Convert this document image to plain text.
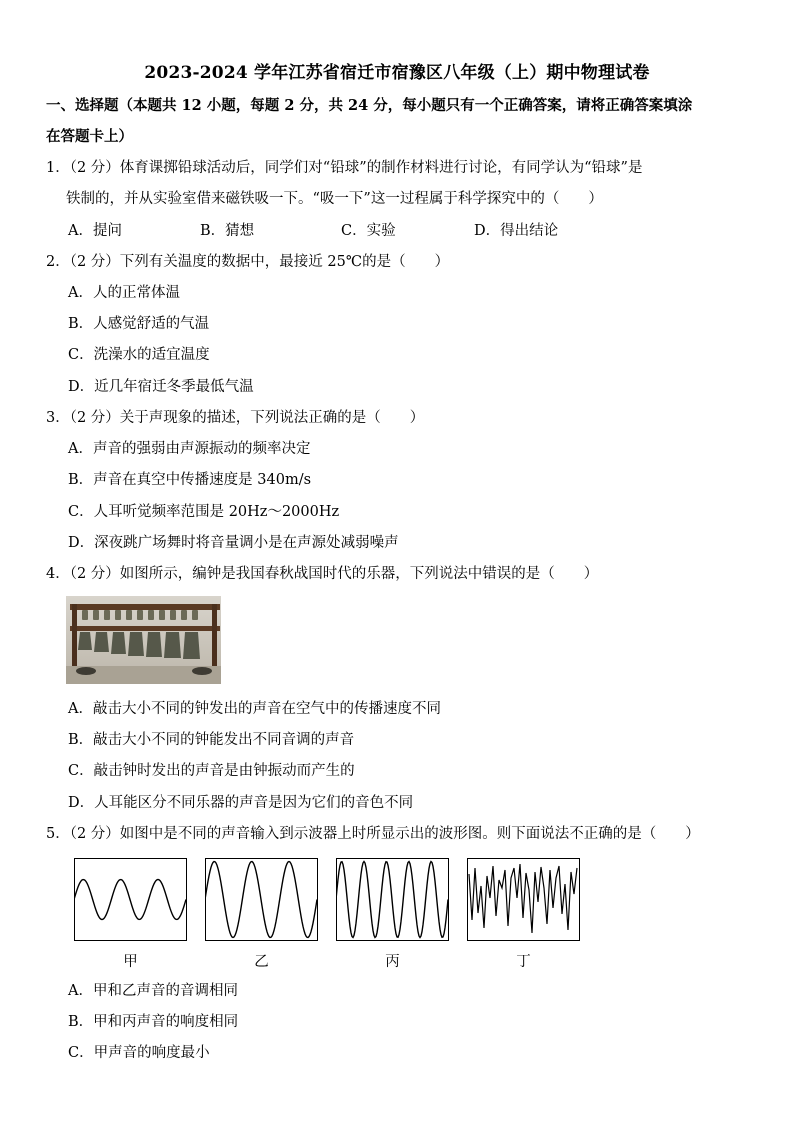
2023-2024 学年江苏省宿迁市宿豫区八年级（上）期中物理试卷
一、选择题（本题共 12 小题，每题 2 分，共 24 分，每小题只有一个正确答案，请将正确答案填涂
在答题卡上）
1．（2 分）体育课掷铅球活动后，同学们对“铅球”的制作材料进行讨论，有同学认为“铅球”是
铁制的，并从实验室借来磁铁吸一下。“吸一下”这一过程属于科学探究中的（　　）
A．提问	B．猜想	C．实验	D．得出结论
2．（2 分）下列有关温度的数据中，最接近 25℃的是（　　）
A．人的正常体温
B．人感觉舒适的气温
C．洗澡水的适宜温度
D．近几年宿迁冬季最低气温
3．（2 分）关于声现象的描述，下列说法正确的是（　　）
A．声音的强弱由声源振动的频率决定
B．声音在真空中传播速度是 340m/s
C．人耳听觉频率范围是 20Hz～2000Hz
D．深夜跳广场舞时将音量调小是在声源处减弱噪声
4．（2 分）如图所示，编钟是我国春秋战国时代的乐器，下列说法中错误的是（　　）
A．敲击大小不同的钟发出的声音在空气中的传播速度不同
B．敲击大小不同的钟能发出不同音调的声音
C．敲击钟时发出的声音是由钟振动而产生的
D．人耳能区分不同乐器的声音是因为它们的音色不同
5．（2 分）如图中是不同的声音输入到示波器上时所显示出的波形图。则下面说法不正确的是（　　）
甲	乙	丙	丁
A．甲和乙声音的音调相同
B．甲和丙声音的响度相同
C．甲声音的响度最小
